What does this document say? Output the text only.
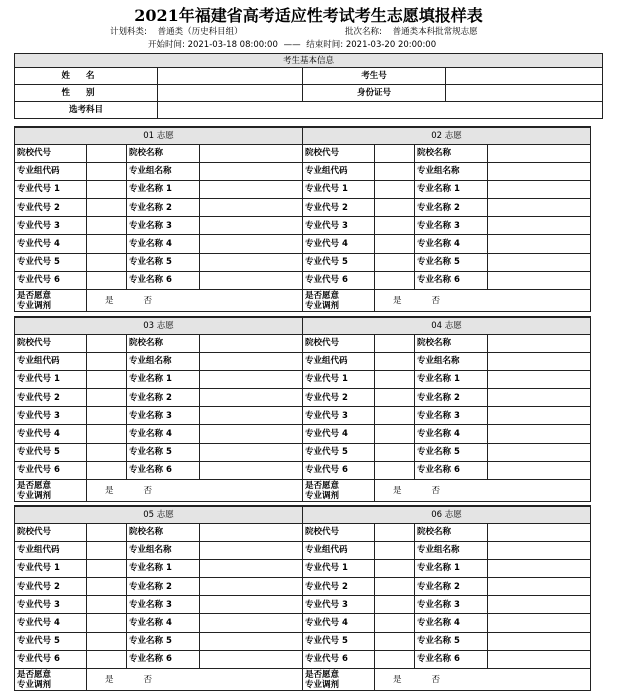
2021年福建省高考适应性考试考生志愿填报样表
计划科类: 普通类（历史科目组）	批次名称: 普通类本科批常规志愿
开始时间: 2021-03-18 08:00:00 —— 结束时间: 2021-03-20 20:00:00
考生基本信息			
姓名		考生号	
性别		身份证号	
选考科目			
01 志愿			
院校代号		院校名称	
专业组代码		专业组名称	
专业代号 1		专业名称 1	
专业代号 2		专业名称 2	
专业代号 3		专业名称 3	
专业代号 4		专业名称 4	
专业代号 5		专业名称 5	
专业代号 6		专业名称 6	

是否愿意
专业调剂	是 否		
02 志愿			
院校代号		院校名称	
专业组代码		专业组名称	
专业代号 1		专业名称 1	
专业代号 2		专业名称 2	
专业代号 3		专业名称 3	
专业代号 4		专业名称 4	
专业代号 5		专业名称 5	
专业代号 6		专业名称 6	

是否愿意
专业调剂	是 否		
03 志愿			
院校代号		院校名称	
专业组代码		专业组名称	
专业代号 1		专业名称 1	
专业代号 2		专业名称 2	
专业代号 3		专业名称 3	
专业代号 4		专业名称 4	
专业代号 5		专业名称 5	
专业代号 6		专业名称 6	

是否愿意
专业调剂	是 否		
04 志愿			
院校代号		院校名称	
专业组代码		专业组名称	
专业代号 1		专业名称 1	
专业代号 2		专业名称 2	
专业代号 3		专业名称 3	
专业代号 4		专业名称 4	
专业代号 5		专业名称 5	
专业代号 6		专业名称 6	

是否愿意
专业调剂	是 否		
05 志愿			
院校代号		院校名称	
专业组代码		专业组名称	
专业代号 1		专业名称 1	
专业代号 2		专业名称 2	
专业代号 3		专业名称 3	
专业代号 4		专业名称 4	
专业代号 5		专业名称 5	
专业代号 6		专业名称 6	

是否愿意
专业调剂	是 否		
06 志愿			
院校代号		院校名称	
专业组代码		专业组名称	
专业代号 1		专业名称 1	
专业代号 2		专业名称 2	
专业代号 3		专业名称 3	
专业代号 4		专业名称 4	
专业代号 5		专业名称 5	
专业代号 6		专业名称 6	

是否愿意
专业调剂	是 否		
